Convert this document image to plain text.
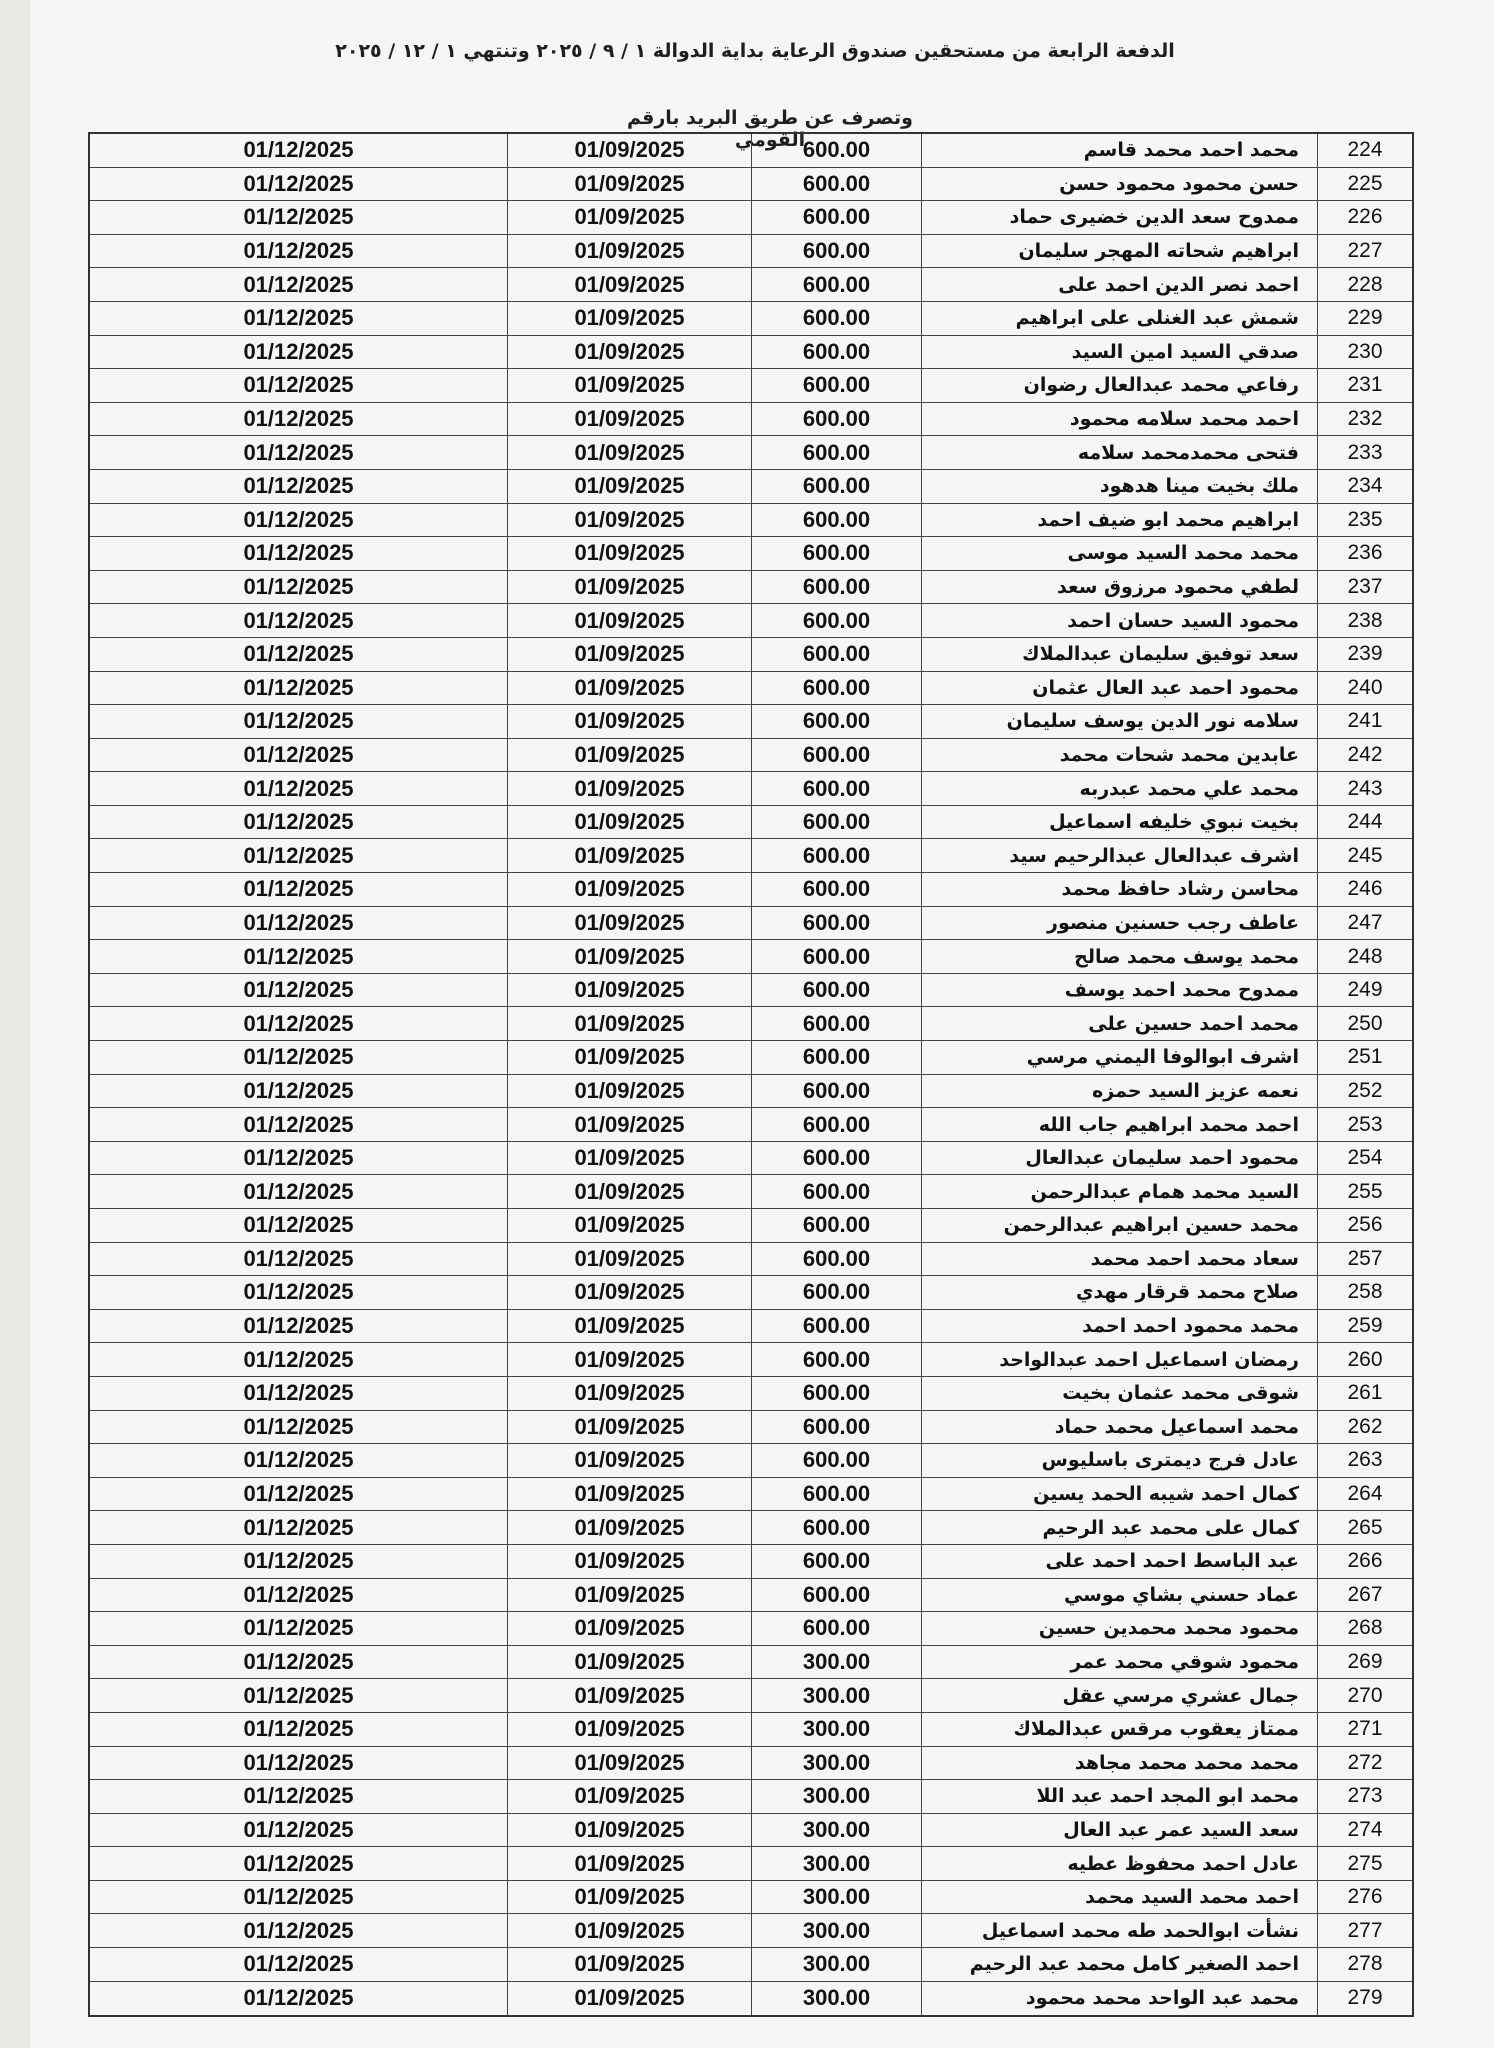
الدفعة الرابعة من مستحقين صندوق الرعاية بداية الدوالة ١ / ٩ / ٢٠٢٥ وتنتهي ١ / ١٢ / ٢٠٢٥
وتصرف عن طريق البريد بارقم القومي
01/12/2025	01/09/2025	600.00	محمد احمد محمد قاسم	224
01/12/2025	01/09/2025	600.00	حسن محمود محمود حسن	225
01/12/2025	01/09/2025	600.00	ممدوح سعد الدين خضيرى حماد	226
01/12/2025	01/09/2025	600.00	ابراهيم شحاته المهجر سليمان	227
01/12/2025	01/09/2025	600.00	احمد نصر الدين احمد على	228
01/12/2025	01/09/2025	600.00	شمش عبد الغنلى على ابراهيم	229
01/12/2025	01/09/2025	600.00	صدقي السيد امين السيد	230
01/12/2025	01/09/2025	600.00	رفاعي محمد عبدالعال رضوان	231
01/12/2025	01/09/2025	600.00	احمد محمد سلامه محمود	232
01/12/2025	01/09/2025	600.00	فتحى محمدمحمد سلامه	233
01/12/2025	01/09/2025	600.00	ملك بخيت مينا هدهود	234
01/12/2025	01/09/2025	600.00	ابراهيم محمد ابو ضيف احمد	235
01/12/2025	01/09/2025	600.00	محمد محمد السيد موسى	236
01/12/2025	01/09/2025	600.00	لطفي محمود مرزوق سعد	237
01/12/2025	01/09/2025	600.00	محمود السيد حسان احمد	238
01/12/2025	01/09/2025	600.00	سعد توفيق سليمان عبدالملاك	239
01/12/2025	01/09/2025	600.00	محمود احمد عبد العال عثمان	240
01/12/2025	01/09/2025	600.00	سلامه نور الدين يوسف سليمان	241
01/12/2025	01/09/2025	600.00	عابدين محمد شحات محمد	242
01/12/2025	01/09/2025	600.00	محمد علي محمد عبدربه	243
01/12/2025	01/09/2025	600.00	بخيت نبوي خليفه اسماعيل	244
01/12/2025	01/09/2025	600.00	اشرف عبدالعال عبدالرحيم سيد	245
01/12/2025	01/09/2025	600.00	محاسن رشاد حافظ محمد	246
01/12/2025	01/09/2025	600.00	عاطف رجب حسنين منصور	247
01/12/2025	01/09/2025	600.00	محمد يوسف محمد صالح	248
01/12/2025	01/09/2025	600.00	ممدوح محمد احمد يوسف	249
01/12/2025	01/09/2025	600.00	محمد احمد حسين على	250
01/12/2025	01/09/2025	600.00	اشرف ابوالوفا اليمني مرسي	251
01/12/2025	01/09/2025	600.00	نعمه عزيز السيد حمزه	252
01/12/2025	01/09/2025	600.00	احمد محمد ابراهيم جاب الله	253
01/12/2025	01/09/2025	600.00	محمود احمد سليمان عبدالعال	254
01/12/2025	01/09/2025	600.00	السيد محمد همام عبدالرحمن	255
01/12/2025	01/09/2025	600.00	محمد حسين ابراهيم عبدالرحمن	256
01/12/2025	01/09/2025	600.00	سعاد محمد احمد محمد	257
01/12/2025	01/09/2025	600.00	صلاح محمد قرقار مهدي	258
01/12/2025	01/09/2025	600.00	محمد محمود احمد احمد	259
01/12/2025	01/09/2025	600.00	رمضان اسماعيل احمد عبدالواحد	260
01/12/2025	01/09/2025	600.00	شوقى محمد عثمان بخيت	261
01/12/2025	01/09/2025	600.00	محمد اسماعيل محمد حماد	262
01/12/2025	01/09/2025	600.00	عادل فرج ديمترى باسليوس	263
01/12/2025	01/09/2025	600.00	كمال احمد شيبه الحمد يسين	264
01/12/2025	01/09/2025	600.00	كمال على محمد عبد الرحيم	265
01/12/2025	01/09/2025	600.00	عبد الباسط احمد احمد على	266
01/12/2025	01/09/2025	600.00	عماد حسني بشاي موسي	267
01/12/2025	01/09/2025	600.00	محمود محمد محمدين حسين	268
01/12/2025	01/09/2025	300.00	محمود شوقي محمد عمر	269
01/12/2025	01/09/2025	300.00	جمال عشري مرسي عقل	270
01/12/2025	01/09/2025	300.00	ممتاز يعقوب مرقس عبدالملاك	271
01/12/2025	01/09/2025	300.00	محمد محمد محمد مجاهد	272
01/12/2025	01/09/2025	300.00	محمد ابو المجد احمد عبد اللا	273
01/12/2025	01/09/2025	300.00	سعد السيد عمر عبد العال	274
01/12/2025	01/09/2025	300.00	عادل احمد محفوظ عطيه	275
01/12/2025	01/09/2025	300.00	احمد محمد السيد محمد	276
01/12/2025	01/09/2025	300.00	نشأت ابوالحمد طه محمد اسماعيل	277
01/12/2025	01/09/2025	300.00	احمد الصغير كامل محمد عبد الرحيم	278
01/12/2025	01/09/2025	300.00	محمد عبد الواحد محمد محمود	279
